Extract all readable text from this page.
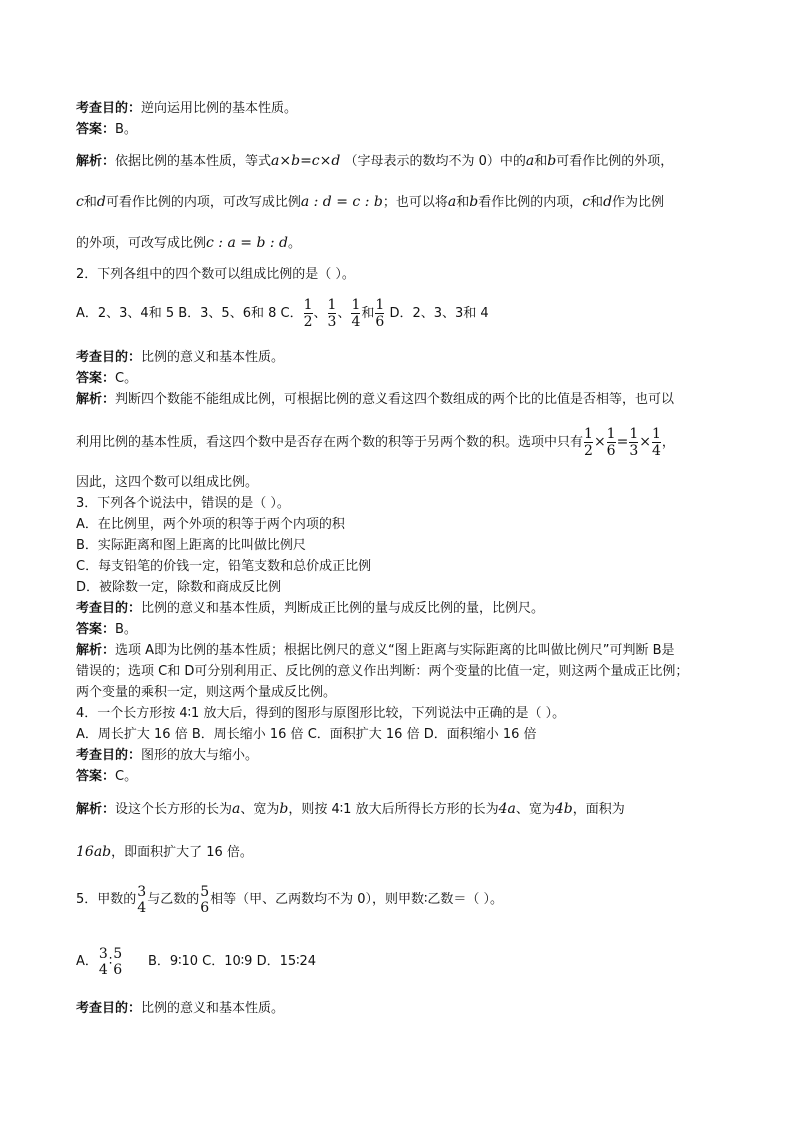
考查目的：逆向运用比例的基本性质。
答案：B。
解析：依据比例的基本性质，等式a×b=c×d （字母表示的数均不为 0）中的a和b可看作比例的外项，
c和d可看作比例的内项，可改写成比例a : d = c : b；也可以将a和b看作比例的内项，c和d作为比例
的外项，可改写成比例c : a = b : d。
2．下列各组中的四个数可以组成比例的是（ ）。
A．2、3、4和 5 B．3、5、6和 8 C． $\frac{1}{2}$ 、 $\frac{1}{3}$ 、 $\frac{1}{4}$ 和 $\frac{1}{6}$ D．2、3、3和 4
考查目的：比例的意义和基本性质。
答案：C。
解析：判断四个数能不能组成比例，可根据比例的意义看这四个数组成的两个比的比值是否相等，也可以
利用比例的基本性质，看这四个数中是否存在两个数的积等于另两个数的积。选项中只有 $\frac{1}{2} \times \frac{1}{6} = \frac{1}{3} \times \frac{1}{4}$ ，
因此，这四个数可以组成比例。
3．下列各个说法中，错误的是（ ）。
A．在比例里，两个外项的积等于两个内项的积
B．实际距离和图上距离的比叫做比例尺
C．每支铅笔的价钱一定，铅笔支数和总价成正比例
D．被除数一定，除数和商成反比例
考查目的：比例的意义和基本性质，判断成正比例的量与成反比例的量，比例尺。
答案：B。
解析：选项 A即为比例的基本性质；根据比例尺的意义“图上距离与实际距离的比叫做比例尺”可判断 B是
错误的；选项 C和 D可分别利用正、反比例的意义作出判断：两个变量的比值一定，则这两个量成正比例；
两个变量的乘积一定，则这两个量成反比例。
4．一个长方形按 4∶1 放大后，得到的图形与原图形比较，下列说法中正确的是（ ）。
A．周长扩大 16 倍 B．周长缩小 16 倍 C．面积扩大 16 倍 D．面积缩小 16 倍
考查目的：图形的放大与缩小。
答案：C。
解析：设这个长方形的长为a、宽为b，则按 4∶1 放大后所得长方形的长为4a、宽为4b，面积为
16ab，即面积扩大了 16 倍。
5．甲数的 3
4 与乙数的 5
6 相等（甲、乙两数均不为 0），则甲数∶乙数＝（ ）。
A． 3
4 ∶ 5
6 B．9∶10 C．10∶9 D．15∶24
考查目的：比例的意义和基本性质。
